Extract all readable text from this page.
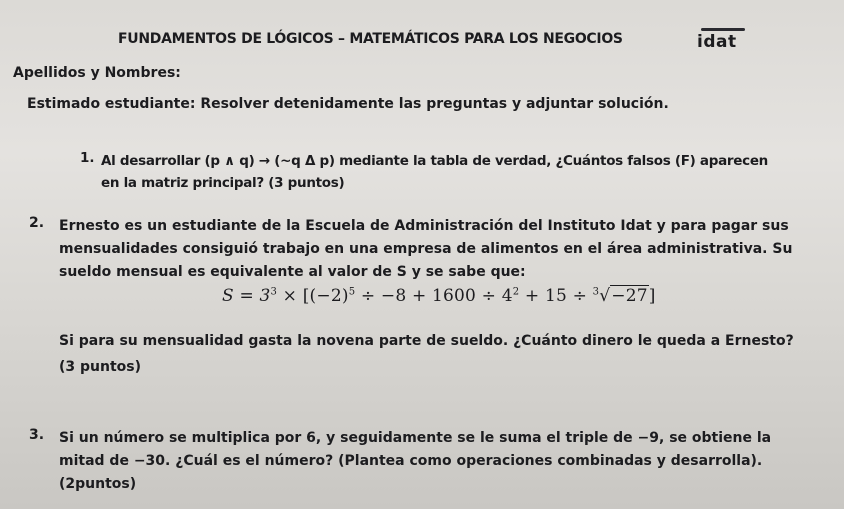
FUNDAMENTOS DE LÓGICOS – MATEMÁTICOS PARA LOS NEGOCIOS	idat
Apellidos y Nombres:
Estimado estudiante: Resolver detenidamente las preguntas y adjuntar solución.
1. Al desarrollar (p ∧ q) → (~q Δ p) mediante la tabla de verdad, ¿Cuántos falsos (F) aparecen
en la matriz principal? (3 puntos)
2. Ernesto es un estudiante de la Escuela de Administración del Instituto Idat y para pagar sus
mensualidades consiguió trabajo en una empresa de alimentos en el área administrativa. Su
sueldo mensual es equivalente al valor de S y se sabe que:
$S = 3^3 \times [(-2)^5 \div -8 + 1600 \div 4^2 + 15 \div ^3√-27]$
Si para su mensualidad gasta la novena parte de sueldo. ¿Cuánto dinero le queda a Ernesto?
(3 puntos)
3. Si un número se multiplica por 6, y seguidamente se le suma el triple de −9, se obtiene la
mitad de −30. ¿Cuál es el número? (Plantea como operaciones combinadas y desarrolla).
(2puntos)
